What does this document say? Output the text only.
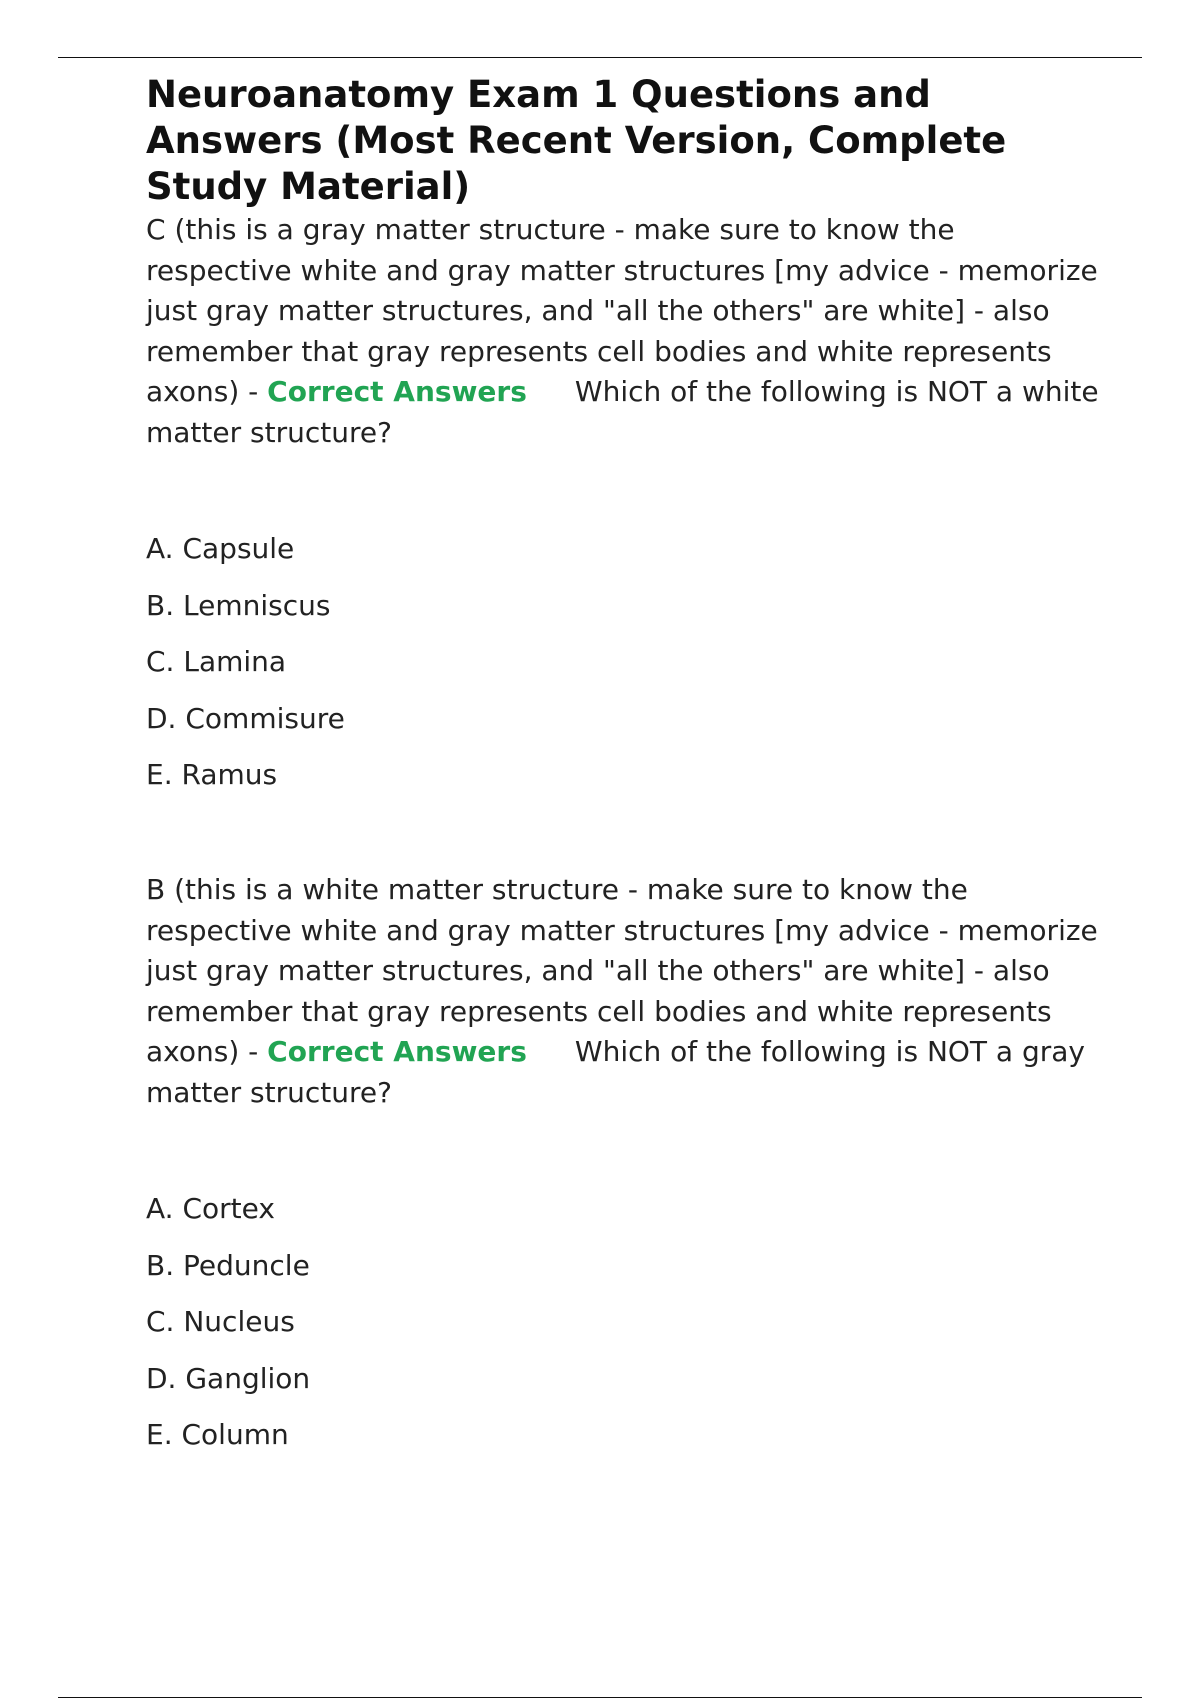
Neuroanatomy Exam 1 Questions and Answers (Most Recent Version, Complete Study Material)

C (this is a gray matter structure - make sure to know the respective white and gray matter structures [my advice - memorize just gray matter structures, and "all the others" are white] - also remember that gray represents cell bodies and white represents axons) - Correct Answers Which of the following is NOT a white matter structure?

A. Capsule
B. Lemniscus
C. Lamina
D. Commisure
E. Ramus

B (this is a white matter structure - make sure to know the respective white and gray matter structures [my advice - memorize just gray matter structures, and "all the others" are white] - also remember that gray represents cell bodies and white represents axons) - Correct Answers Which of the following is NOT a gray matter structure?

A. Cortex
B. Peduncle
C. Nucleus
D. Ganglion
E. Column
